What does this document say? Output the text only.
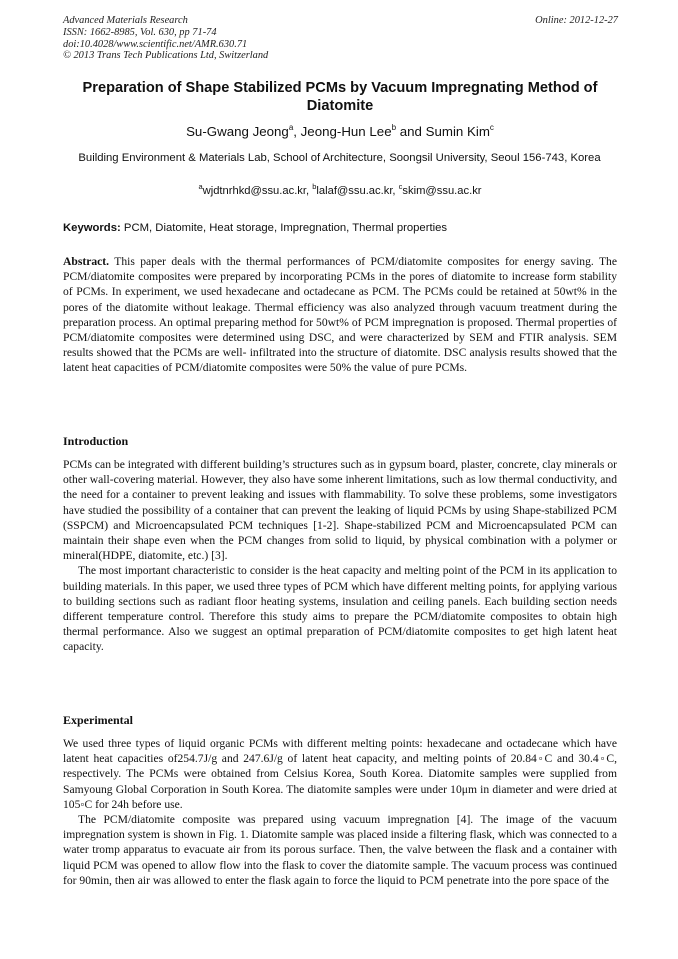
Advanced Materials Research
ISSN: 1662-8985, Vol. 630, pp 71-74
doi:10.4028/www.scientific.net/AMR.630.71
© 2013 Trans Tech Publications Ltd, Switzerland
Online: 2012-12-27
Preparation of Shape Stabilized PCMs by Vacuum Impregnating Method of Diatomite
Su-Gwang Jeong$^a$, Jeong-Hun Lee$^b$ and Sumin Kim$^c$
Building Environment & Materials Lab, School of Architecture, Soongsil University, Seoul 156-743, Korea
$^a$wjdtnrhkd@ssu.ac.kr, $^b$lalaf@ssu.ac.kr, $^c$skim@ssu.ac.kr
Keywords: PCM, Diatomite, Heat storage, Impregnation, Thermal properties

Abstract. This paper deals with the thermal performances of PCM/diatomite composites for energy saving. The PCM/diatomite composites were prepared by incorporating PCMs in the pores of diatomite to increase form stability of PCMs. In experiment, we used hexadecane and octadecane as PCM. The PCMs could be retained at 50wt% in the pores of the diatomite without leakage. Thermal efficiency was also analyzed through vacuum treatment during the preparation process. An optimal preparing method for 50wt% of PCM impregnation is proposed. Thermal properties of PCM/diatomite composites were determined using DSC, and were characterized by SEM and FTIR analysis. SEM results showed that the PCMs are well- infiltrated into the structure of diatomite. DSC analysis results showed that the latent heat capacities of PCM/diatomite composites were 50% the value of pure PCMs.

Introduction

PCMs can be integrated with different building’s structures such as in gypsum board, plaster, concrete, clay minerals or other wall-covering material. However, they also have some inherent limitations, such as low thermal conductivity, and the need for a container to prevent leaking and issues with flammability. To solve these problems, some investigators have studied the possibility of a container that can prevent the leaking of liquid PCMs by using Shape-stabilized PCM (SSPCM) and Microencapsulated PCM techniques [1-2]. Shape-stabilized PCM and Microencapsulated PCM can maintain their shape even when the PCM changes from solid to liquid, by physical combination with a polymer or mineral(HDPE, diatomite, etc.) [3].

The most important characteristic to consider is the heat capacity and melting point of the PCM in its application to building materials. In this paper, we used three types of PCM which have different melting points, for applying various to building sections such as radiant floor heating systems, insulation and ceiling panels. Each building section needs different temperature control. Therefore this study aims to prepare the PCM/diatomite composites to obtain high thermal performance. Also we suggest an optimal preparation of PCM/diatomite composites to get high latent heat capacity.

Experimental

We used three types of liquid organic PCMs with different melting points: hexadecane and octadecane which have latent heat capacities of254.7J/g and 247.6J/g of latent heat capacity, and melting points of 20.84◦C and 30.4◦C, respectively. The PCMs were obtained from Celsius Korea, South Korea. Diatomite samples were supplied from Samyoung Global Corporation in South Korea. The diatomite samples were under 10μm in diameter and were dried at 105◦C for 24h before use.

The PCM/diatomite composite was prepared using vacuum impregnation [4]. The image of the vacuum impregnation system is shown in Fig. 1. Diatomite sample was placed inside a filtering flask, which was connected to a water tromp apparatus to evacuate air from its porous surface. Then, the valve between the flask and a container with liquid PCM was opened to allow flow into the flask to cover the diatomite sample. The vacuum process was continued for 90min, then air was allowed to enter the flask again to force the liquid to PCM penetrate into the pore space of the
